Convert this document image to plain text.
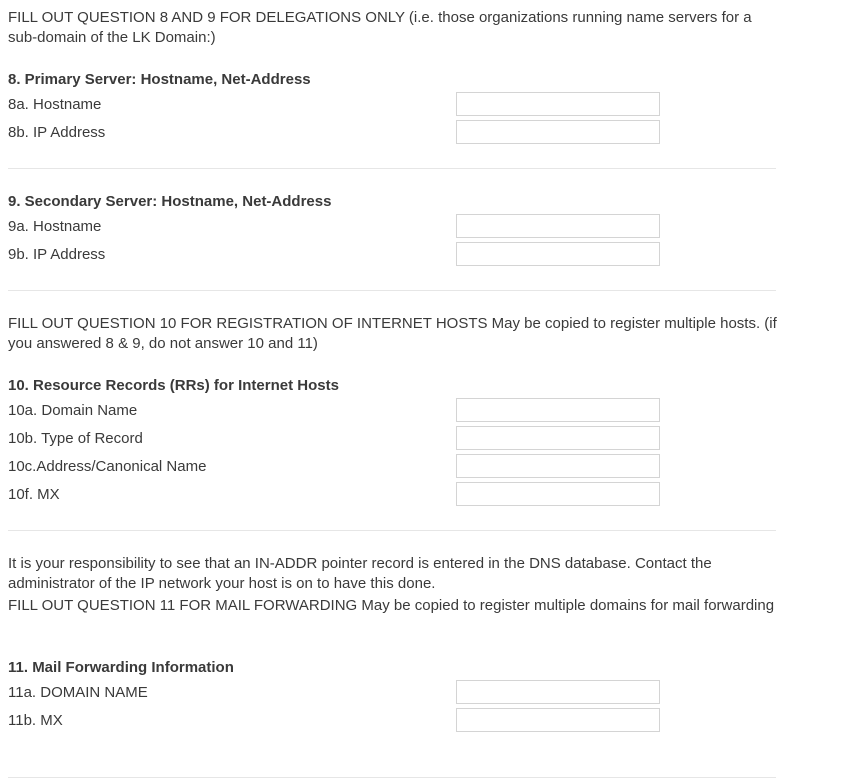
FILL OUT QUESTION 8 AND 9 FOR DELEGATIONS ONLY (i.e. those organizations running name servers for a sub-domain of the LK Domain:)

8. Primary Server: Hostname, Net-Address

8a. Hostname

8b. IP Address

9. Secondary Server: Hostname, Net-Address

9a. Hostname

9b. IP Address

FILL OUT QUESTION 10 FOR REGISTRATION OF INTERNET HOSTS May be copied to register multiple hosts. (if you answered 8 & 9, do not answer 10 and 11)

10. Resource Records (RRs) for Internet Hosts

10a. Domain Name

10b. Type of Record

10c.Address/Canonical Name

10f. MX

It is your responsibility to see that an IN-ADDR pointer record is entered in the DNS database. Contact the administrator of the IP network your host is on to have this done.

FILL OUT QUESTION 11 FOR MAIL FORWARDING May be copied to register multiple domains for mail forwarding

11. Mail Forwarding Information

11a. DOMAIN NAME

11b. MX
